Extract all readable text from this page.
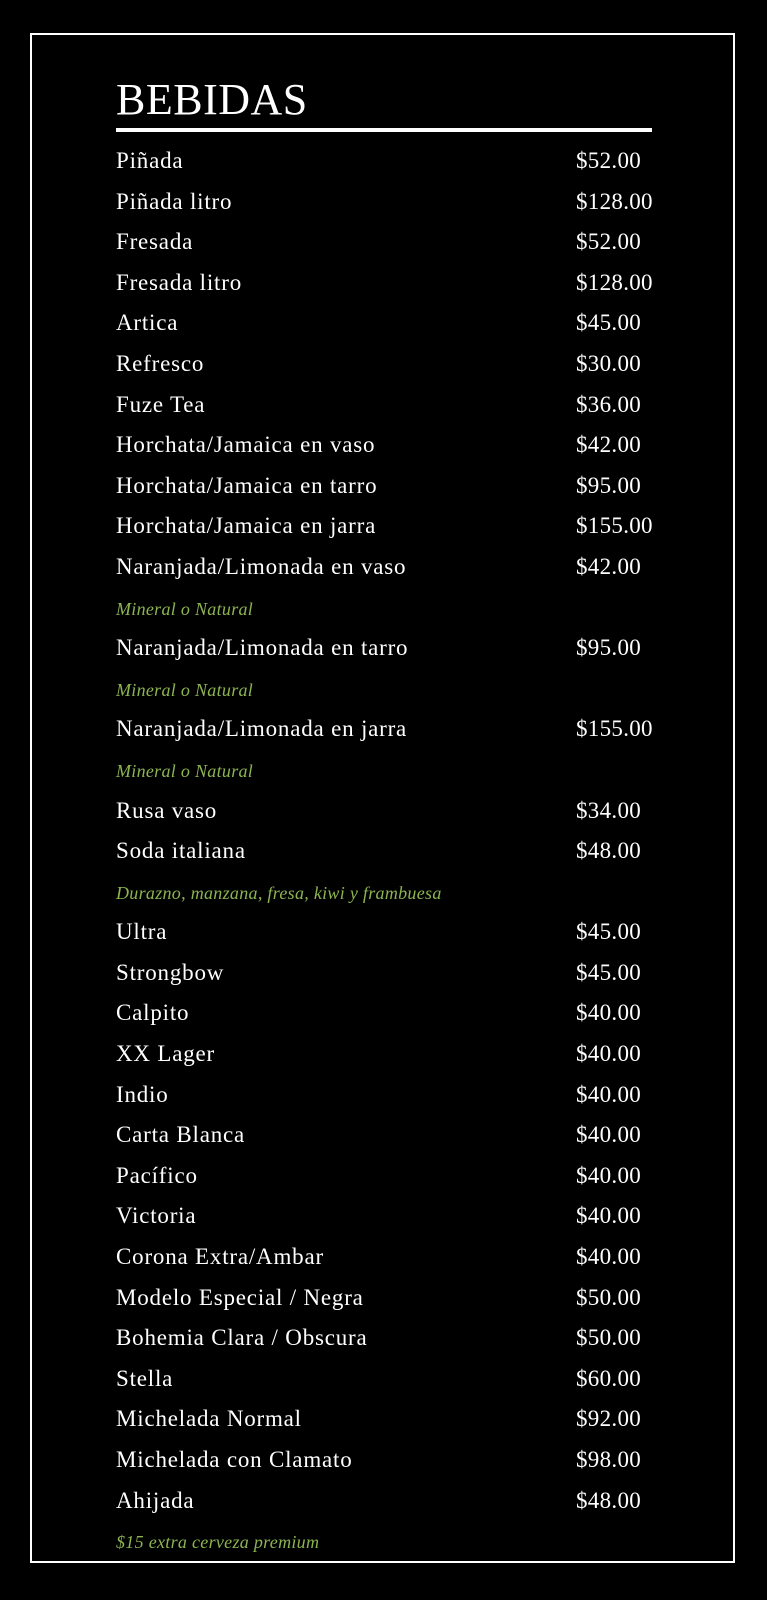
BEBIDAS
Piñada	$52.00
Piñada litro	$128.00
Fresada	$52.00
Fresada litro	$128.00
Artica	$45.00
Refresco	$30.00
Fuze Tea	$36.00
Horchata/Jamaica en vaso	$42.00
Horchata/Jamaica en tarro	$95.00
Horchata/Jamaica en jarra	$155.00
Naranjada/Limonada en vaso	$42.00
Mineral o Natural
Naranjada/Limonada en tarro	$95.00
Mineral o Natural
Naranjada/Limonada en jarra	$155.00
Mineral o Natural
Rusa vaso	$34.00
Soda italiana	$48.00
Durazno, manzana, fresa, kiwi y frambuesa
Ultra	$45.00
Strongbow	$45.00
Calpito	$40.00
XX Lager	$40.00
Indio	$40.00
Carta Blanca	$40.00
Pacífico	$40.00
Victoria	$40.00
Corona Extra/Ambar	$40.00
Modelo Especial / Negra	$50.00
Bohemia Clara / Obscura	$50.00
Stella	$60.00
Michelada Normal	$92.00
Michelada con Clamato	$98.00
Ahijada	$48.00
$15 extra cerveza premium
